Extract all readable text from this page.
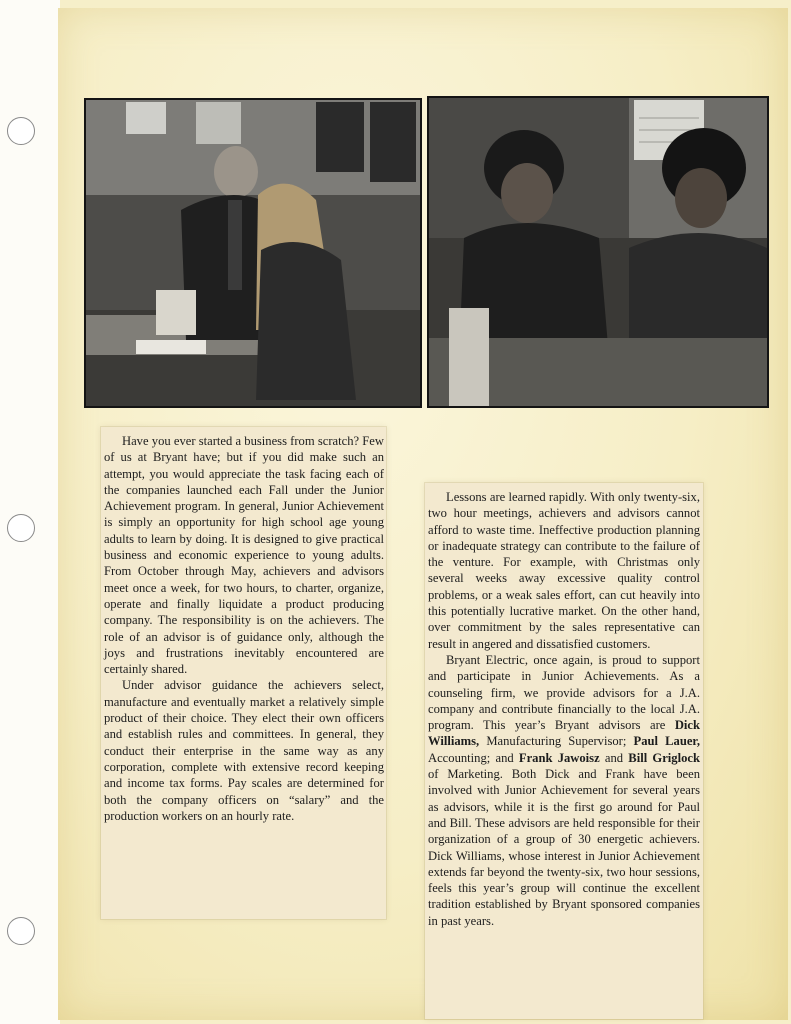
Have you ever started a business from scratch? Few of us at Bryant have; but if you did make such an attempt, you would appreciate the task facing each of the companies launched each Fall under the Junior Achievement program. In general, Junior Achievement is simply an opportunity for high school age young adults to learn by doing. It is designed to give practical business and economic experience to young adults. From October through May, achievers and advisors meet once a week, for two hours, to charter, organize, operate and finally liquidate a product producing company. The responsibility is on the achievers. The role of an advisor is of guidance only, although the joys and frustrations inevitably encountered are certainly shared.

Under advisor guidance the achievers select, manufacture and eventually market a relatively simple product of their choice. They elect their own officers and establish rules and committees. In general, they conduct their enterprise in the same way as any corporation, complete with extensive record keeping and income tax forms. Pay scales are determined for both the company officers on “salary” and the production workers on an hourly rate.

Lessons are learned rapidly. With only twenty-six, two hour meetings, achievers and advisors cannot afford to waste time. Ineffective production planning or inadequate strategy can contribute to the failure of the venture. For example, with Christmas only several weeks away excessive quality control problems, or a weak sales effort, can cut heavily into this potentially lucrative market. On the other hand, over commitment by the sales representative can result in angered and dissatisfied customers.

Bryant Electric, once again, is proud to support and participate in Junior Achievements. As a counseling firm, we provide advisors for a J.A. company and contribute financially to the local J.A. program. This year’s Bryant advisors are Dick Williams, Manufacturing Supervisor; Paul Lauer, Accounting; and Frank Jawoisz and Bill Griglock of Marketing. Both Dick and Frank have been involved with Junior Achievement for several years as advisors, while it is the first go around for Paul and Bill. These advisors are held responsible for their organization of a group of 30 energetic achievers. Dick Williams, whose interest in Junior Achievement extends far beyond the twenty-six, two hour sessions, feels this year’s group will continue the excellent tradition established by Bryant sponsored companies in past years.
